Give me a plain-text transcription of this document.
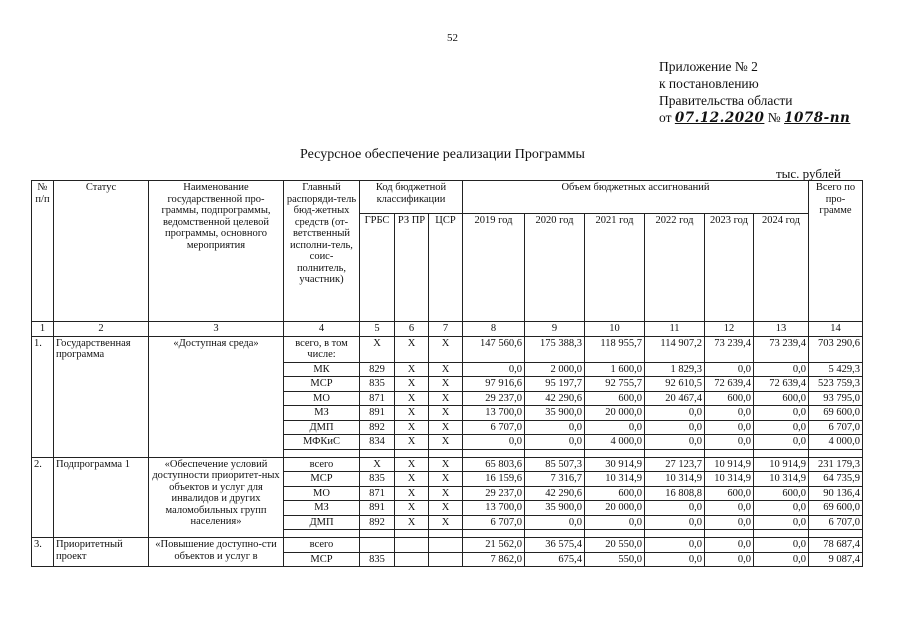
52
Приложение № 2
к постановлению
Правительства области
от 07.12.2020 № 1078-пп
Ресурсное обеспечение реализации Программы
тыс. рублей
№ п/п	Статус	Наименование государственной про-граммы, подпрограммы, ведомственной целевой программы, основного мероприятия	Главный распоряди-тель бюд-жетных средств (от-ветственный исполни-тель, соис-полнитель, участник)	Код бюджетной классификации			Объем бюджетных ассигнований						Всего по про-грамме
				ГРБС	РЗ ПР	ЦСР	2019 год	2020 год	2021 год	2022 год	2023 год	2024 год	
1	2	3	4	5	6	7	8	9	10	11	12	13	14
1.	Государственная программа	«Доступная среда»	всего, в том числе:	X	X	X	147 560,6	175 388,3	118 955,7	114 907,2	73 239,4	73 239,4	703 290,6
			МК	829	X	X	0,0	2 000,0	1 600,0	1 829,3	0,0	0,0	5 429,3
			МСР	835	X	X	97 916,6	95 197,7	92 755,7	92 610,5	72 639,4	72 639,4	523 759,3
			МО	871	X	X	29 237,0	42 290,6	600,0	20 467,4	600,0	600,0	93 795,0
			МЗ	891	X	X	13 700,0	35 900,0	20 000,0	0,0	0,0	0,0	69 600,0
			ДМП	892	X	X	6 707,0	0,0	0,0	0,0	0,0	0,0	6 707,0
			МФКиС	834	X	X	0,0	0,0	4 000,0	0,0	0,0	0,0	4 000,0

2.	Подпрограмма 1	«Обеспечение условий доступности приоритет-ных объектов и услуг для инвалидов и других маломобильных групп населения»	всего	X	X	X	65 803,6	85 507,3	30 914,9	27 123,7	10 914,9	10 914,9	231 179,3
			МСР	835	X	X	16 159,6	7 316,7	10 314,9	10 314,9	10 314,9	10 314,9	64 735,9
			МО	871	X	X	29 237,0	42 290,6	600,0	16 808,8	600,0	600,0	90 136,4
			МЗ	891	X	X	13 700,0	35 900,0	20 000,0	0,0	0,0	0,0	69 600,0
			ДМП	892	X	X	6 707,0	0,0	0,0	0,0	0,0	0,0	6 707,0

3.	Приоритетный проект	«Повышение доступно-сти объектов и услуг в	всего				21 562,0	36 575,4	20 550,0	0,0	0,0	0,0	78 687,4
			МСР	835			7 862,0	675,4	550,0	0,0	0,0	0,0	9 087,4
